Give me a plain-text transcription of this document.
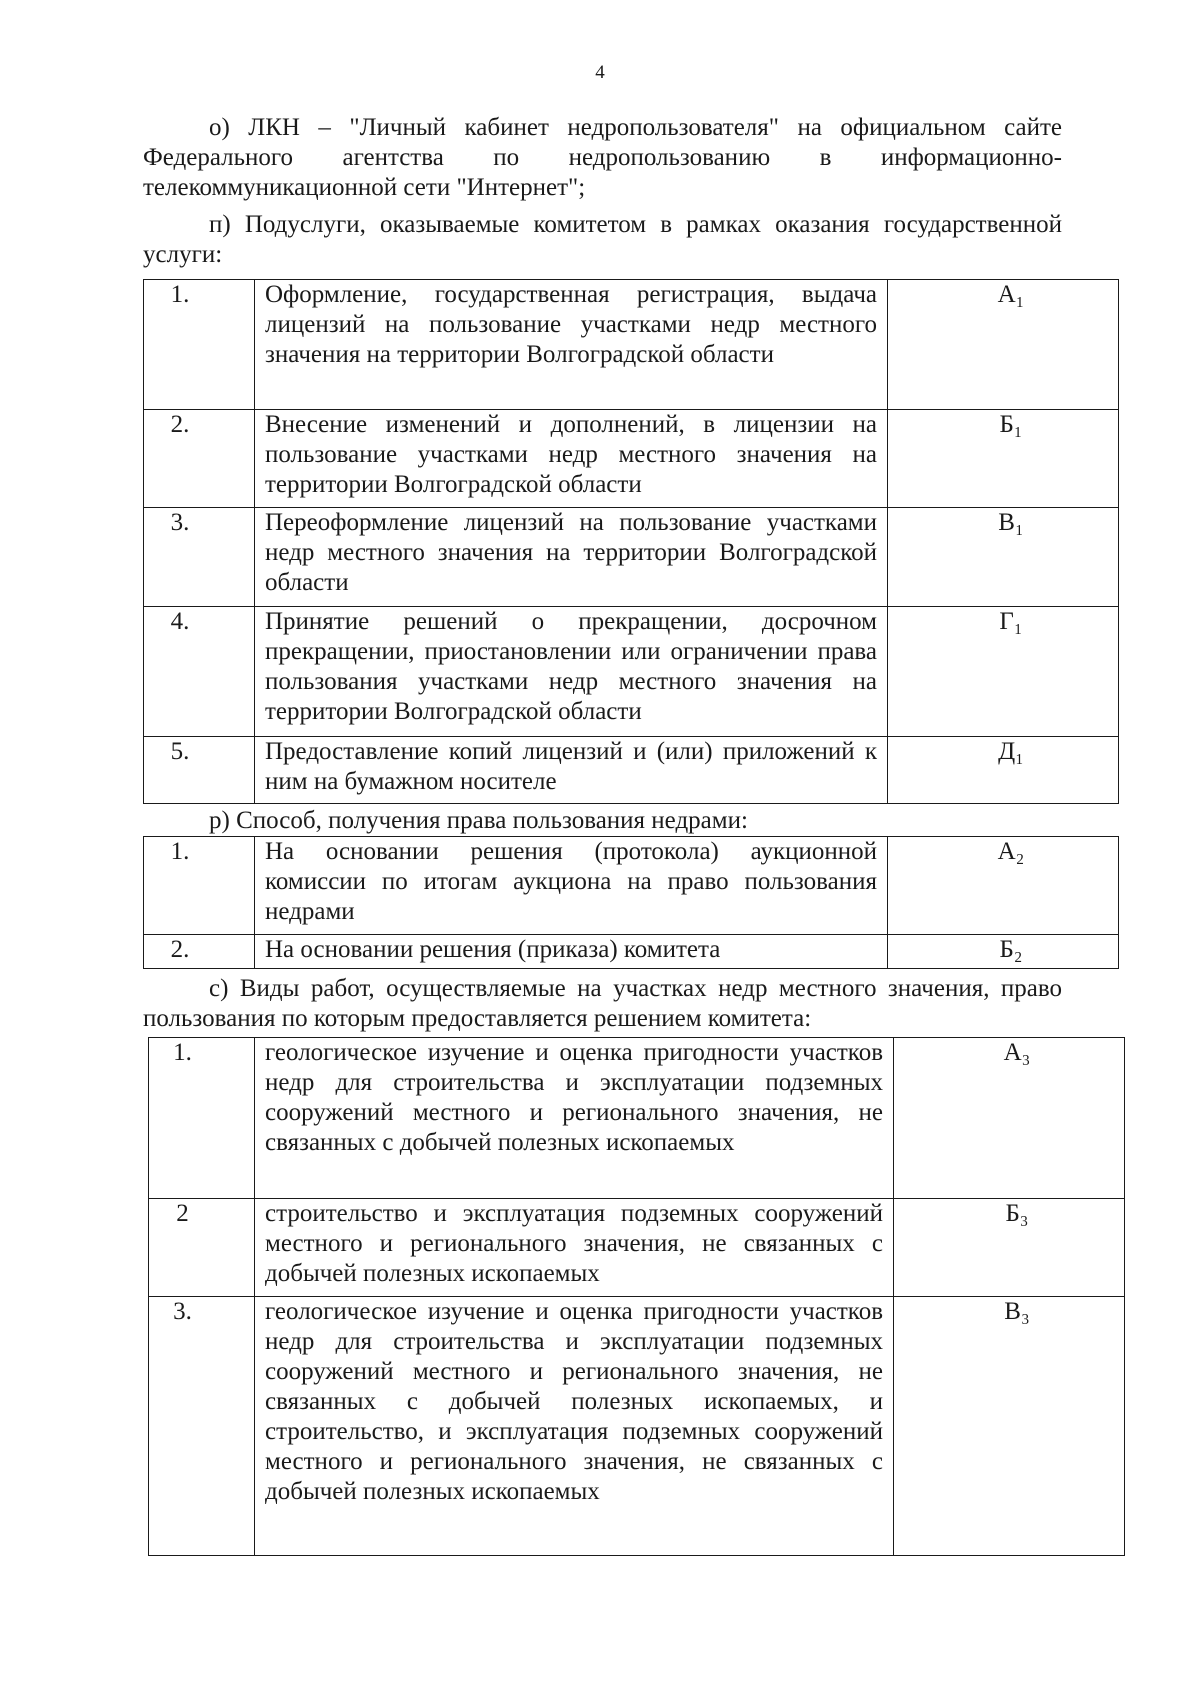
4

о) ЛКН – "Личный кабинет недропользователя" на официальном сайте Федерального агентства по недропользованию в информационно-телекоммуникационной сети "Интернет";

п) Подуслуги, оказываемые комитетом в рамках оказания государственной услуги:

1.	Оформление, государственная регистрация, выдача лицензий на пользование участками недр местного значения на территории Волгоградской области	А₁
2.	Внесение изменений и дополнений, в лицензии на пользование участками недр местного значения на территории Волгоградской области	Б₁
3.	Переоформление лицензий на пользование участками недр местного значения на территории Волгоградской области	В₁
4.	Принятие решений о прекращении, досрочном прекращении, приостановлении или ограничении права пользования участками недр местного значения на территории Волгоградской области	Г₁
5.	Предоставление копий лицензий и (или) приложений к ним на бумажном носителе	Д₁
р) Способ, получения права пользования недрами:
1.	На основании решения (протокола) аукционной комиссии по итогам аукциона на право пользования недрами	А₂
2.	На основании решения (приказа) комитета	Б₂

с) Виды работ, осуществляемые на участках недр местного значения, право пользования по которым предоставляется решением комитета:

1.	геологическое изучение и оценка пригодности участков недр для строительства и эксплуатации подземных сооружений местного и регионального значения, не связанных с добычей полезных ископаемых	А₃
2	строительство и эксплуатация подземных сооружений местного и регионального значения, не связанных с добычей полезных ископаемых	Б₃
3.	геологическое изучение и оценка пригодности участков недр для строительства и эксплуатации подземных сооружений местного и регионального значения, не связанных с добычей полезных ископаемых, и строительство, и эксплуатация подземных сооружений местного и регионального значения, не связанных с добычей полезных ископаемых	В₃
